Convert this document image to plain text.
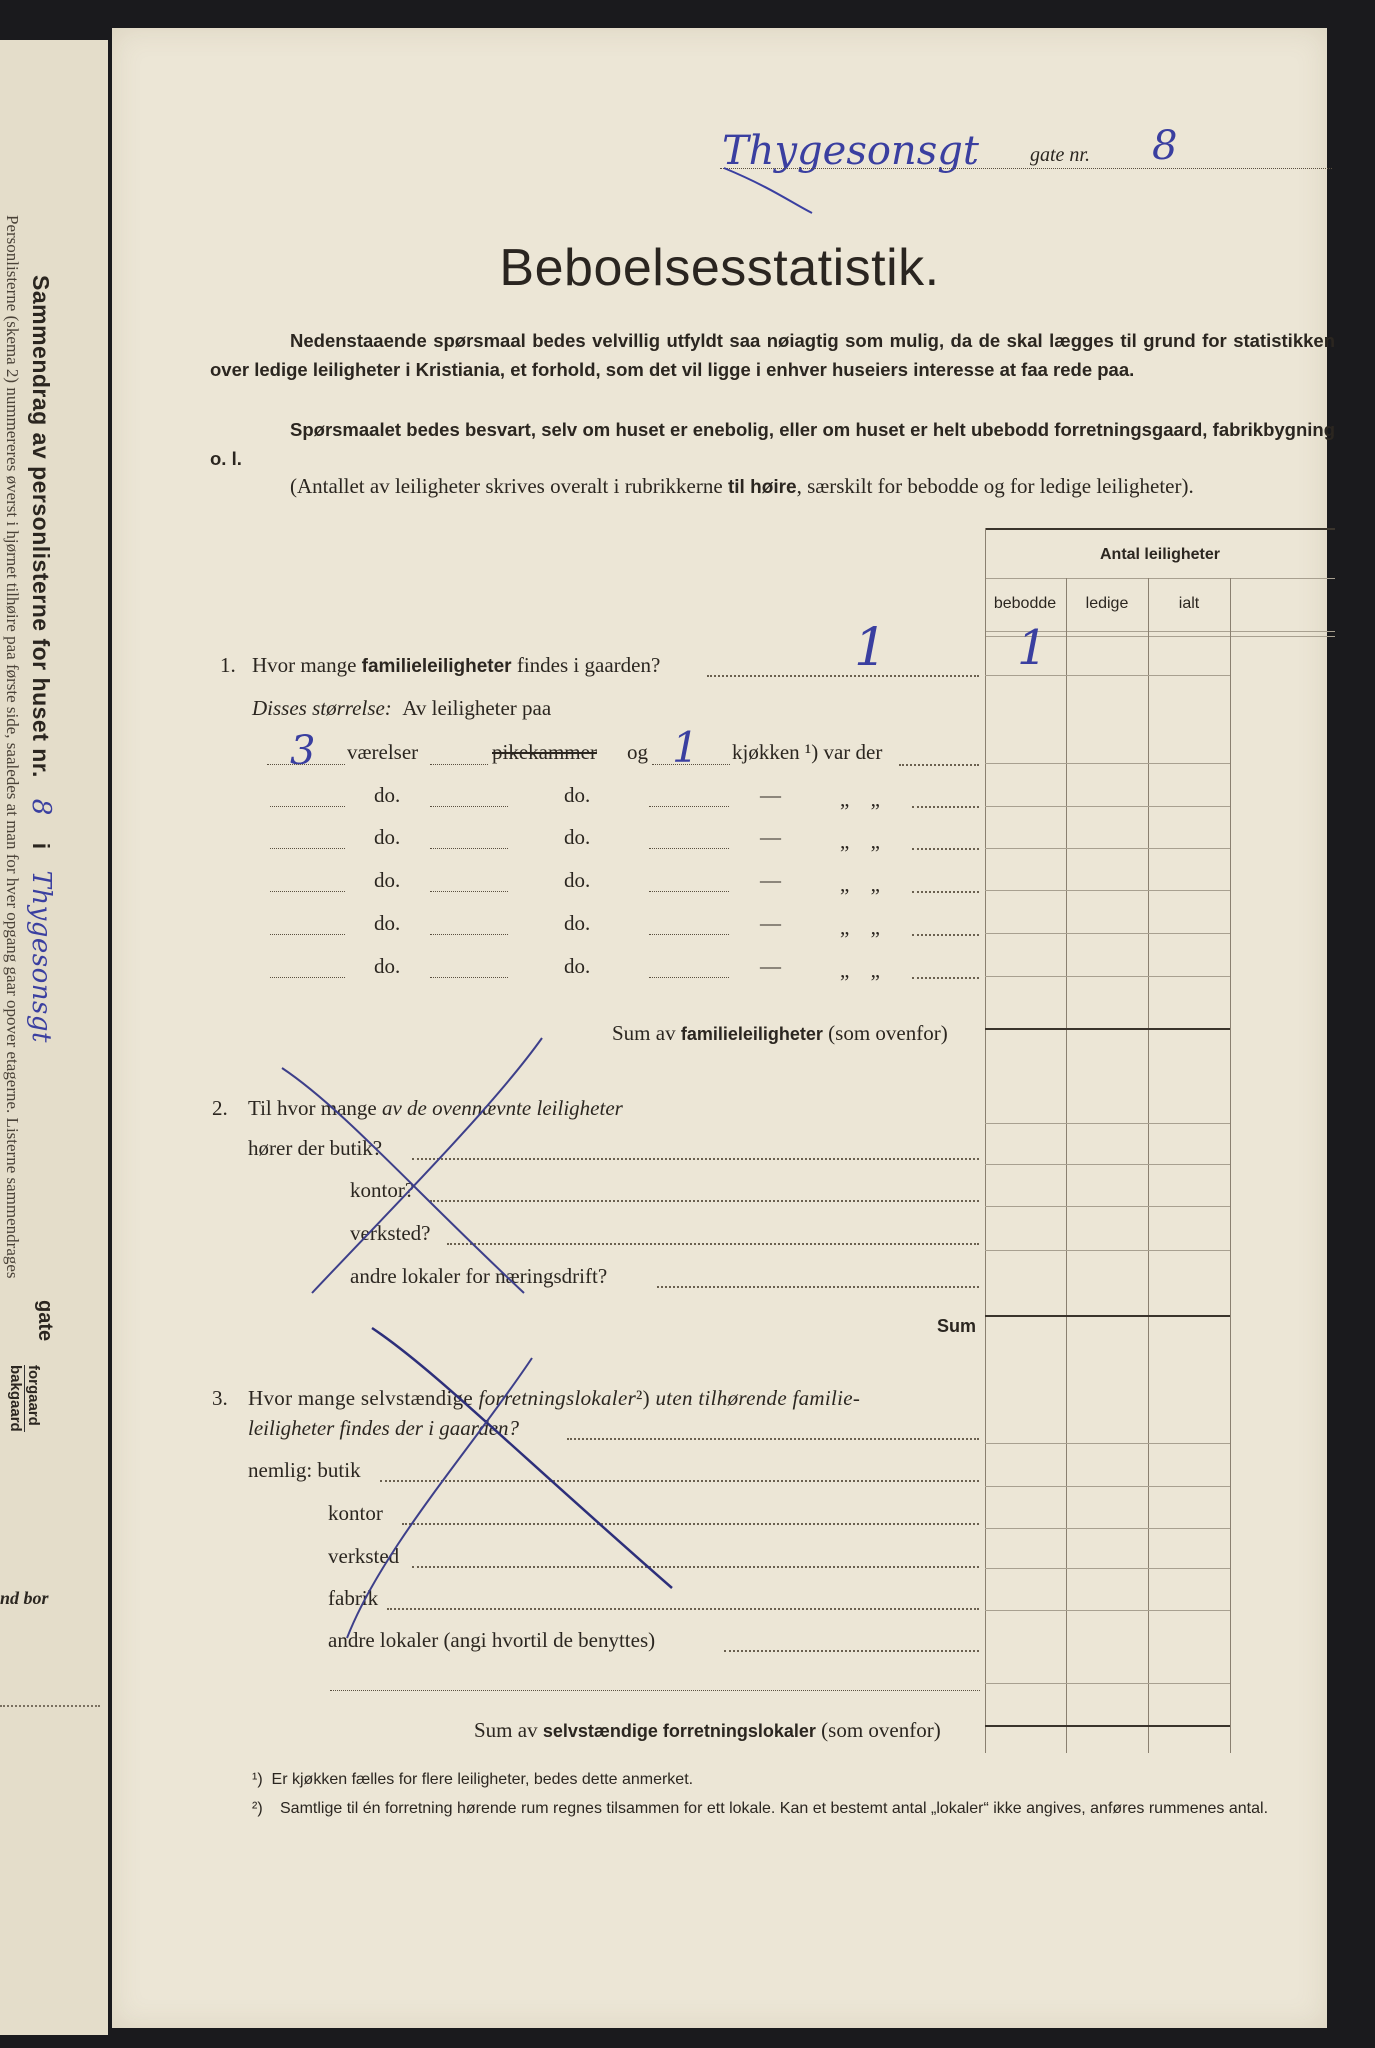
Sammendrag av personlisterne for huset nr. 8 i Thygesonsgt
Personlisterne (skema 2) nummereres øverst i hjørnet tilhøire paa første side, saaledes at man for hver opgang gaar opover etagerne. Listerne sammendrages
gate
forgaard
bakgaard
nd bor
Thygesonsgt	8
gate nr.
Beboelsesstatistik.
Nedenstaaende spørsmaal bedes velvillig utfyldt saa nøiagtig som mulig, da de skal lægges til grund for statistikken over ledige leiligheter i Kristiania, et forhold, som det vil ligge i enhver huseiers interesse at faa rede paa.
Spørsmaalet bedes besvart, selv om huset er enebolig, eller om huset er helt ubebodd forretningsgaard, fabrikbygning o. l.
(Antallet av leiligheter skrives overalt i rubrikkerne til høire, særskilt for bebodde og for ledige leiligheter).
Antal leiligheter
bebodde	ledige	ialt
1. Hvor mange familieleiligheter findes i gaarden?	1	1
Disses størrelse: Av leiligheter paa
3 værelser	pikekammer og 1 kjøkken ¹) var der
do.	do.	—	„ „
do.	do.	—	„ „
do.	do.	—	„ „
do.	do.	—	„ „
do.	do.	—	„ „
Sum av familieleiligheter (som ovenfor)
2. Til hvor mange av de ovennævnte leiligheter
hører der butik?
kontor?
verksted?
andre lokaler for næringsdrift?
Sum
3. Hvor mange selvstændige forretningslokaler²) uten tilhørende familie-
leiligheter findes der i gaarden?
nemlig: butik
kontor
verksted
fabrik
andre lokaler (angi hvortil de benyttes)
Sum av selvstændige forretningslokaler (som ovenfor)
¹) Er kjøkken fælles for flere leiligheter, bedes dette anmerket.
²)	Samtlige til én forretning hørende rum regnes tilsammen for ett lokale. Kan et bestemt antal „lokaler“ ikke angives, anføres rummenes antal.
